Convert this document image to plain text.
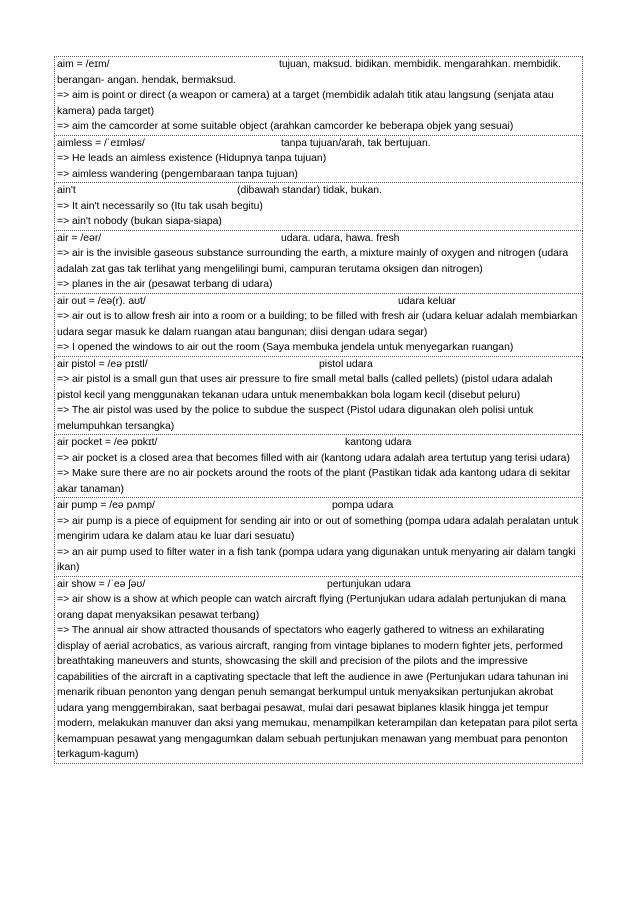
aim = /eɪm/	tujuan, maksud. bidikan. membidik. mengarahkan. membidik.
berangan- angan. hendak, bermaksud.
=> aim is point or direct (a weapon or camera) at a target (membidik adalah titik atau langsung (senjata atau kamera) pada target)
=> aim the camcorder at some suitable object (arahkan camcorder ke beberapa objek yang sesuai)
aimless = /ˈeɪmləs/	tanpa tujuan/arah, tak bertujuan.
=> He leads an aimless existence (Hidupnya tanpa tujuan)
=> aimless wandering (pengembaraan tanpa tujuan)
ain't	(dibawah standar) tidak, bukan.
=> It ain't necessarily so (Itu tak usah begitu)
=> ain't nobody (bukan siapa-siapa)
air = /eər/	udara. udara, hawa. fresh
=> air is the invisible gaseous substance surrounding the earth, a mixture mainly of oxygen and nitrogen (udara adalah zat gas tak terlihat yang mengelilingi bumi, campuran terutama oksigen dan nitrogen)
=> planes in the air (pesawat terbang di udara)
air out = /eə(r). aʊt/	udara keluar
=> air out is to allow fresh air into a room or a building; to be filled with fresh air (udara keluar adalah membiarkan udara segar masuk ke dalam ruangan atau bangunan; diisi dengan udara segar)
=> I opened the windows to air out the room (Saya membuka jendela untuk menyegarkan ruangan)
air pistol = /eə pɪstl/	pistol udara
=> air pistol is a small gun that uses air pressure to fire small metal balls (called pellets) (pistol udara adalah pistol kecil yang menggunakan tekanan udara untuk menembakkan bola logam kecil (disebut peluru)
=> The air pistol was used by the police to subdue the suspect (Pistol udara digunakan oleh polisi untuk melumpuhkan tersangka)
air pocket = /eə pɒkɪt/	kantong udara
=> air pocket is a closed area that becomes filled with air (kantong udara adalah area tertutup yang terisi udara)
=> Make sure there are no air pockets around the roots of the plant (Pastikan tidak ada kantong udara di sekitar akar tanaman)
air pump = /eə pʌmp/	pompa udara
=> air pump is a piece of equipment for sending air into or out of something (pompa udara adalah peralatan untuk mengirim udara ke dalam atau ke luar dari sesuatu)
=> an air pump used to filter water in a fish tank (pompa udara yang digunakan untuk menyaring air dalam tangki ikan)
air show = /ˈeə ʃəʊ/	pertunjukan udara
=> air show is a show at which people can watch aircraft flying (Pertunjukan udara adalah pertunjukan di mana orang dapat menyaksikan pesawat terbang)
=> The annual air show attracted thousands of spectators who eagerly gathered to witness an exhilarating display of aerial acrobatics, as various aircraft, ranging from vintage biplanes to modern fighter jets, performed breathtaking maneuvers and stunts, showcasing the skill and precision of the pilots and the impressive capabilities of the aircraft in a captivating spectacle that left the audience in awe (Pertunjukan udara tahunan ini menarik ribuan penonton yang dengan penuh semangat berkumpul untuk menyaksikan pertunjukan akrobat udara yang menggembirakan, saat berbagai pesawat, mulai dari pesawat biplanes klasik hingga jet tempur modern, melakukan manuver dan aksi yang memukau, menampilkan keterampilan dan ketepatan para pilot serta kemampuan pesawat yang mengagumkan dalam sebuah pertunjukan menawan yang membuat para penonton terkagum-kagum)
